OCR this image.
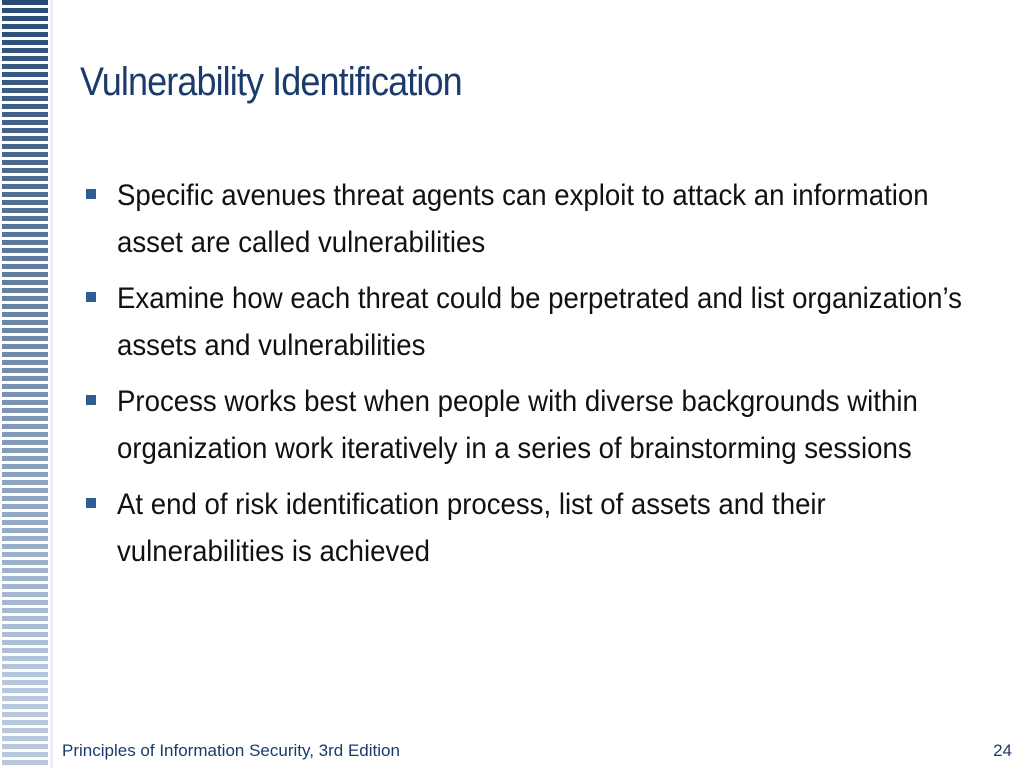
Vulnerability Identification
Specific avenues threat agents can exploit to attack an information asset are called vulnerabilities
Examine how each threat could be perpetrated and list organization’s assets and vulnerabilities
Process works best when people with diverse backgrounds within organization work iteratively in a series of brainstorming sessions
At end of risk identification process, list of assets and their vulnerabilities is achieved
Principles of Information Security, 3rd Edition	24
